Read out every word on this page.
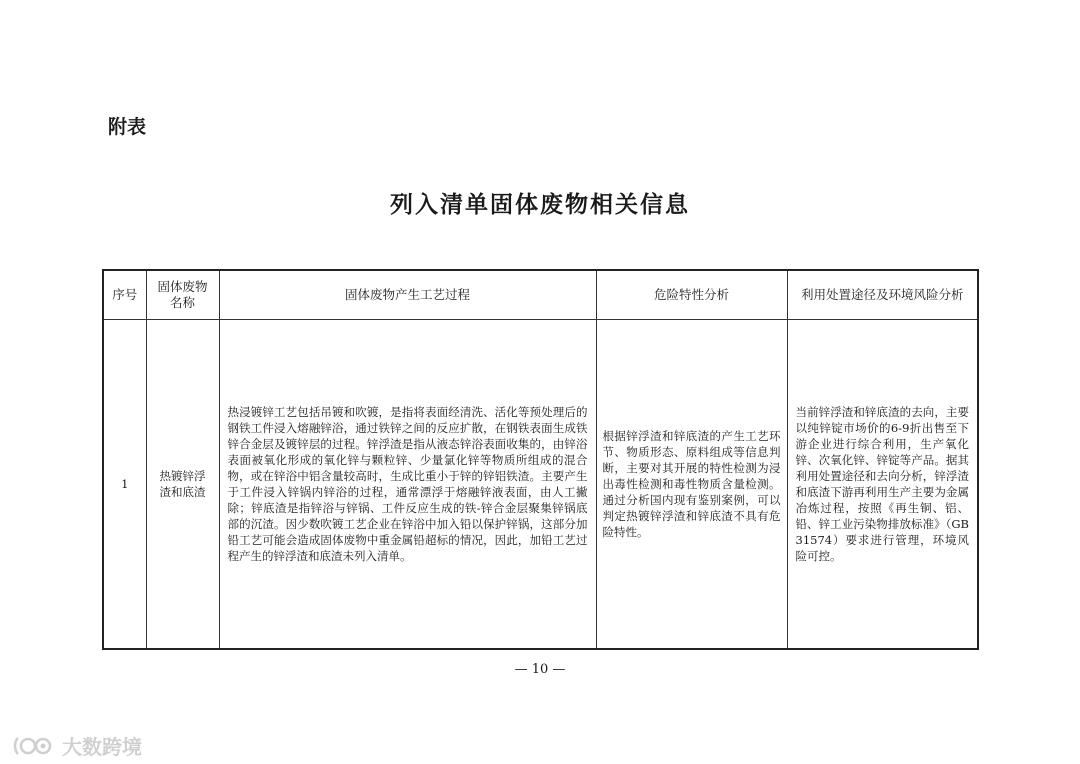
附表
列入清单固体废物相关信息
序号	固体废物名称	固体废物产生工艺过程	危险特性分析	利用处置途径及环境风险分析
1	热镀锌浮渣和底渣	热浸镀锌工艺包括吊镀和吹镀，是指将表面经清洗、活化等预处理后的钢铁工件浸入熔融锌浴，通过铁锌之间的反应扩散，在钢铁表面生成铁锌合金层及镀锌层的过程。锌浮渣是指从液态锌浴表面收集的，由锌浴表面被氧化形成的氧化锌与颗粒锌、少量氯化锌等物质所组成的混合物，或在锌浴中铝含量较高时，生成比重小于锌的锌铝铁渣。主要产生于工件浸入锌锅内锌浴的过程，通常漂浮于熔融锌液表面，由人工撇除；锌底渣是指锌浴与锌锅、工件反应生成的铁-锌合金层聚集锌锅底部的沉渣。因少数吹镀工艺企业在锌浴中加入铅以保护锌锅，这部分加铅工艺可能会造成固体废物中重金属铅超标的情况，因此，加铅工艺过程产生的锌浮渣和底渣未列入清单。	根据锌浮渣和锌底渣的产生工艺环节、物质形态、原料组成等信息判断，主要对其开展的特性检测为浸出毒性检测和毒性物质含量检测。通过分析国内现有鉴别案例，可以判定热镀锌浮渣和锌底渣不具有危险特性。	当前锌浮渣和锌底渣的去向，主要以纯锌锭市场价的6-9折出售至下游企业进行综合利用，生产氧化锌、次氧化锌、锌锭等产品。据其利用处置途径和去向分析，锌浮渣和底渣下游再利用生产主要为金属冶炼过程，按照《再生铜、铝、铅、锌工业污染物排放标准》（GB 31574）要求进行管理，环境风险可控。
— 10 —
大数跨境
